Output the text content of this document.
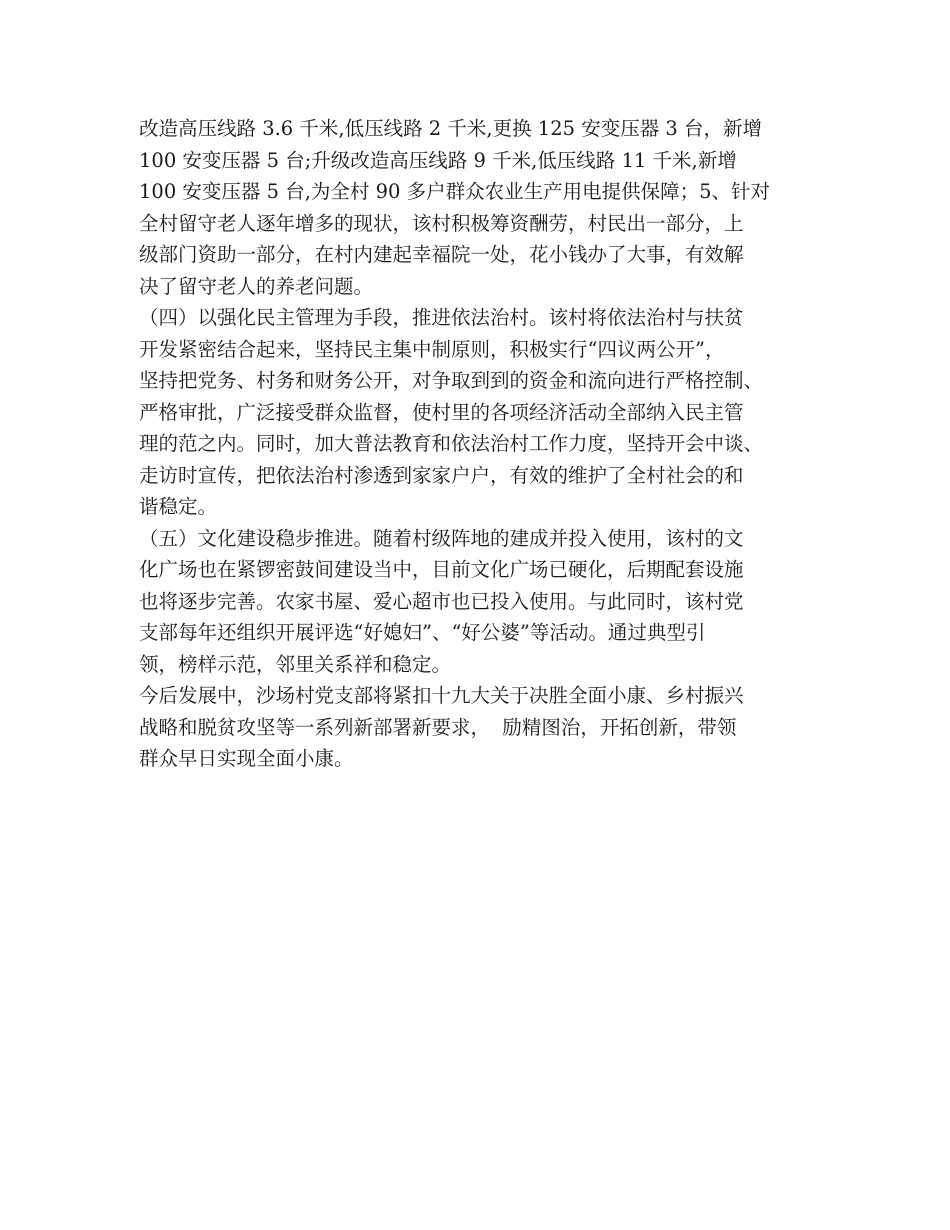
改造高压线路 3.6 千米,低压线路 2 千米,更换 125 安变压器 3 台，新增
100 安变压器 5 台;升级改造高压线路 9 千米,低压线路 11 千米,新增
100 安变压器 5 台,为全村 90 多户群众农业生产用电提供保障；5、针对
全村留守老人逐年增多的现状，该村积极筹资酬劳，村民出一部分，上
级部门资助一部分，在村内建起幸福院一处，花小钱办了大事，有效解
决了留守老人的养老问题。
（四）以强化民主管理为手段，推进依法治村。该村将依法治村与扶贫
开发紧密结合起来，坚持民主集中制原则，积极实行“四议两公开”，
坚持把党务、村务和财务公开，对争取到到的资金和流向进行严格控制、
严格审批，广泛接受群众监督，使村里的各项经济活动全部纳入民主管
理的范之内。同时，加大普法教育和依法治村工作力度，坚持开会中谈、
走访时宣传，把依法治村渗透到家家户户，有效的维护了全村社会的和
谐稳定。
（五）文化建设稳步推进。随着村级阵地的建成并投入使用，该村的文
化广场也在紧锣密鼓间建设当中，目前文化广场已硬化，后期配套设施
也将逐步完善。农家书屋、爱心超市也已投入使用。与此同时，该村党
支部每年还组织开展评选“好媳妇”、“好公婆”等活动。通过典型引
领，榜样示范，邻里关系祥和稳定。
今后发展中，沙场村党支部将紧扣十九大关于决胜全面小康、乡村振兴
战略和脱贫攻坚等一系列新部署新要求，  励精图治，开拓创新，带领
群众早日实现全面小康。
